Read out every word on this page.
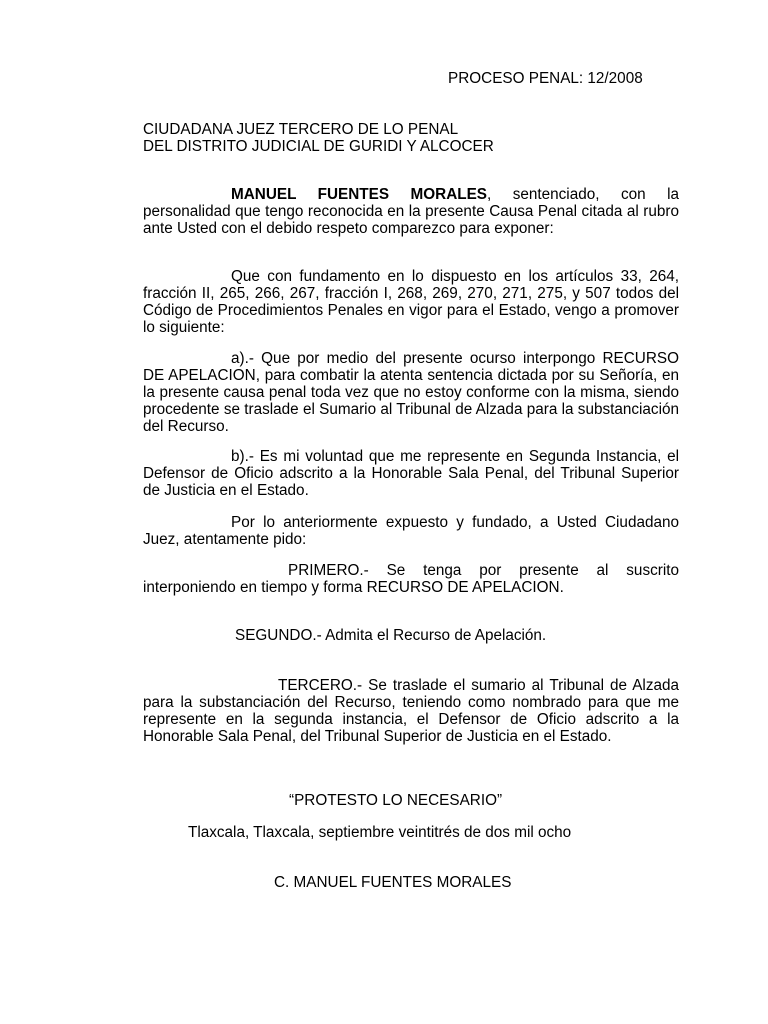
PROCESO PENAL: 12/2008

CIUDADANA JUEZ TERCERO DE LO PENAL

DEL DISTRITO JUDICIAL DE GURIDI Y ALCOCER

MANUEL FUENTES MORALES, sentenciado, con la personalidad que tengo reconocida en la presente Causa Penal citada al rubro ante Usted con el debido respeto comparezco para exponer:

Que con fundamento en lo dispuesto en los artículos 33, 264, fracción II, 265, 266, 267, fracción I, 268, 269, 270, 271, 275, y 507 todos del Código de Procedimientos Penales en vigor para el Estado, vengo a promover lo siguiente:

a).- Que por medio del presente ocurso interpongo RECURSO DE APELACION, para combatir la atenta sentencia dictada por su Señoría, en la presente causa penal toda vez que no estoy conforme con la misma, siendo procedente se traslade el Sumario al Tribunal de Alzada para la substanciación del Recurso.

b).- Es mi voluntad que me represente en Segunda Instancia, el Defensor de Oficio adscrito a la Honorable Sala Penal, del Tribunal Superior de Justicia en el Estado.

Por lo anteriormente expuesto y fundado, a Usted Ciudadano Juez, atentamente pido:

PRIMERO.- Se tenga por presente al suscrito interponiendo en tiempo y forma RECURSO DE APELACION.

SEGUNDO.- Admita el Recurso de Apelación.

TERCERO.- Se traslade el sumario al Tribunal de Alzada para la substanciación del Recurso, teniendo como nombrado para que me represente en la segunda instancia, el Defensor de Oficio adscrito a la Honorable Sala Penal, del Tribunal Superior de Justicia en el Estado.

“PROTESTO LO NECESARIO”

Tlaxcala, Tlaxcala, septiembre veintitrés de dos mil ocho

C. MANUEL FUENTES MORALES
